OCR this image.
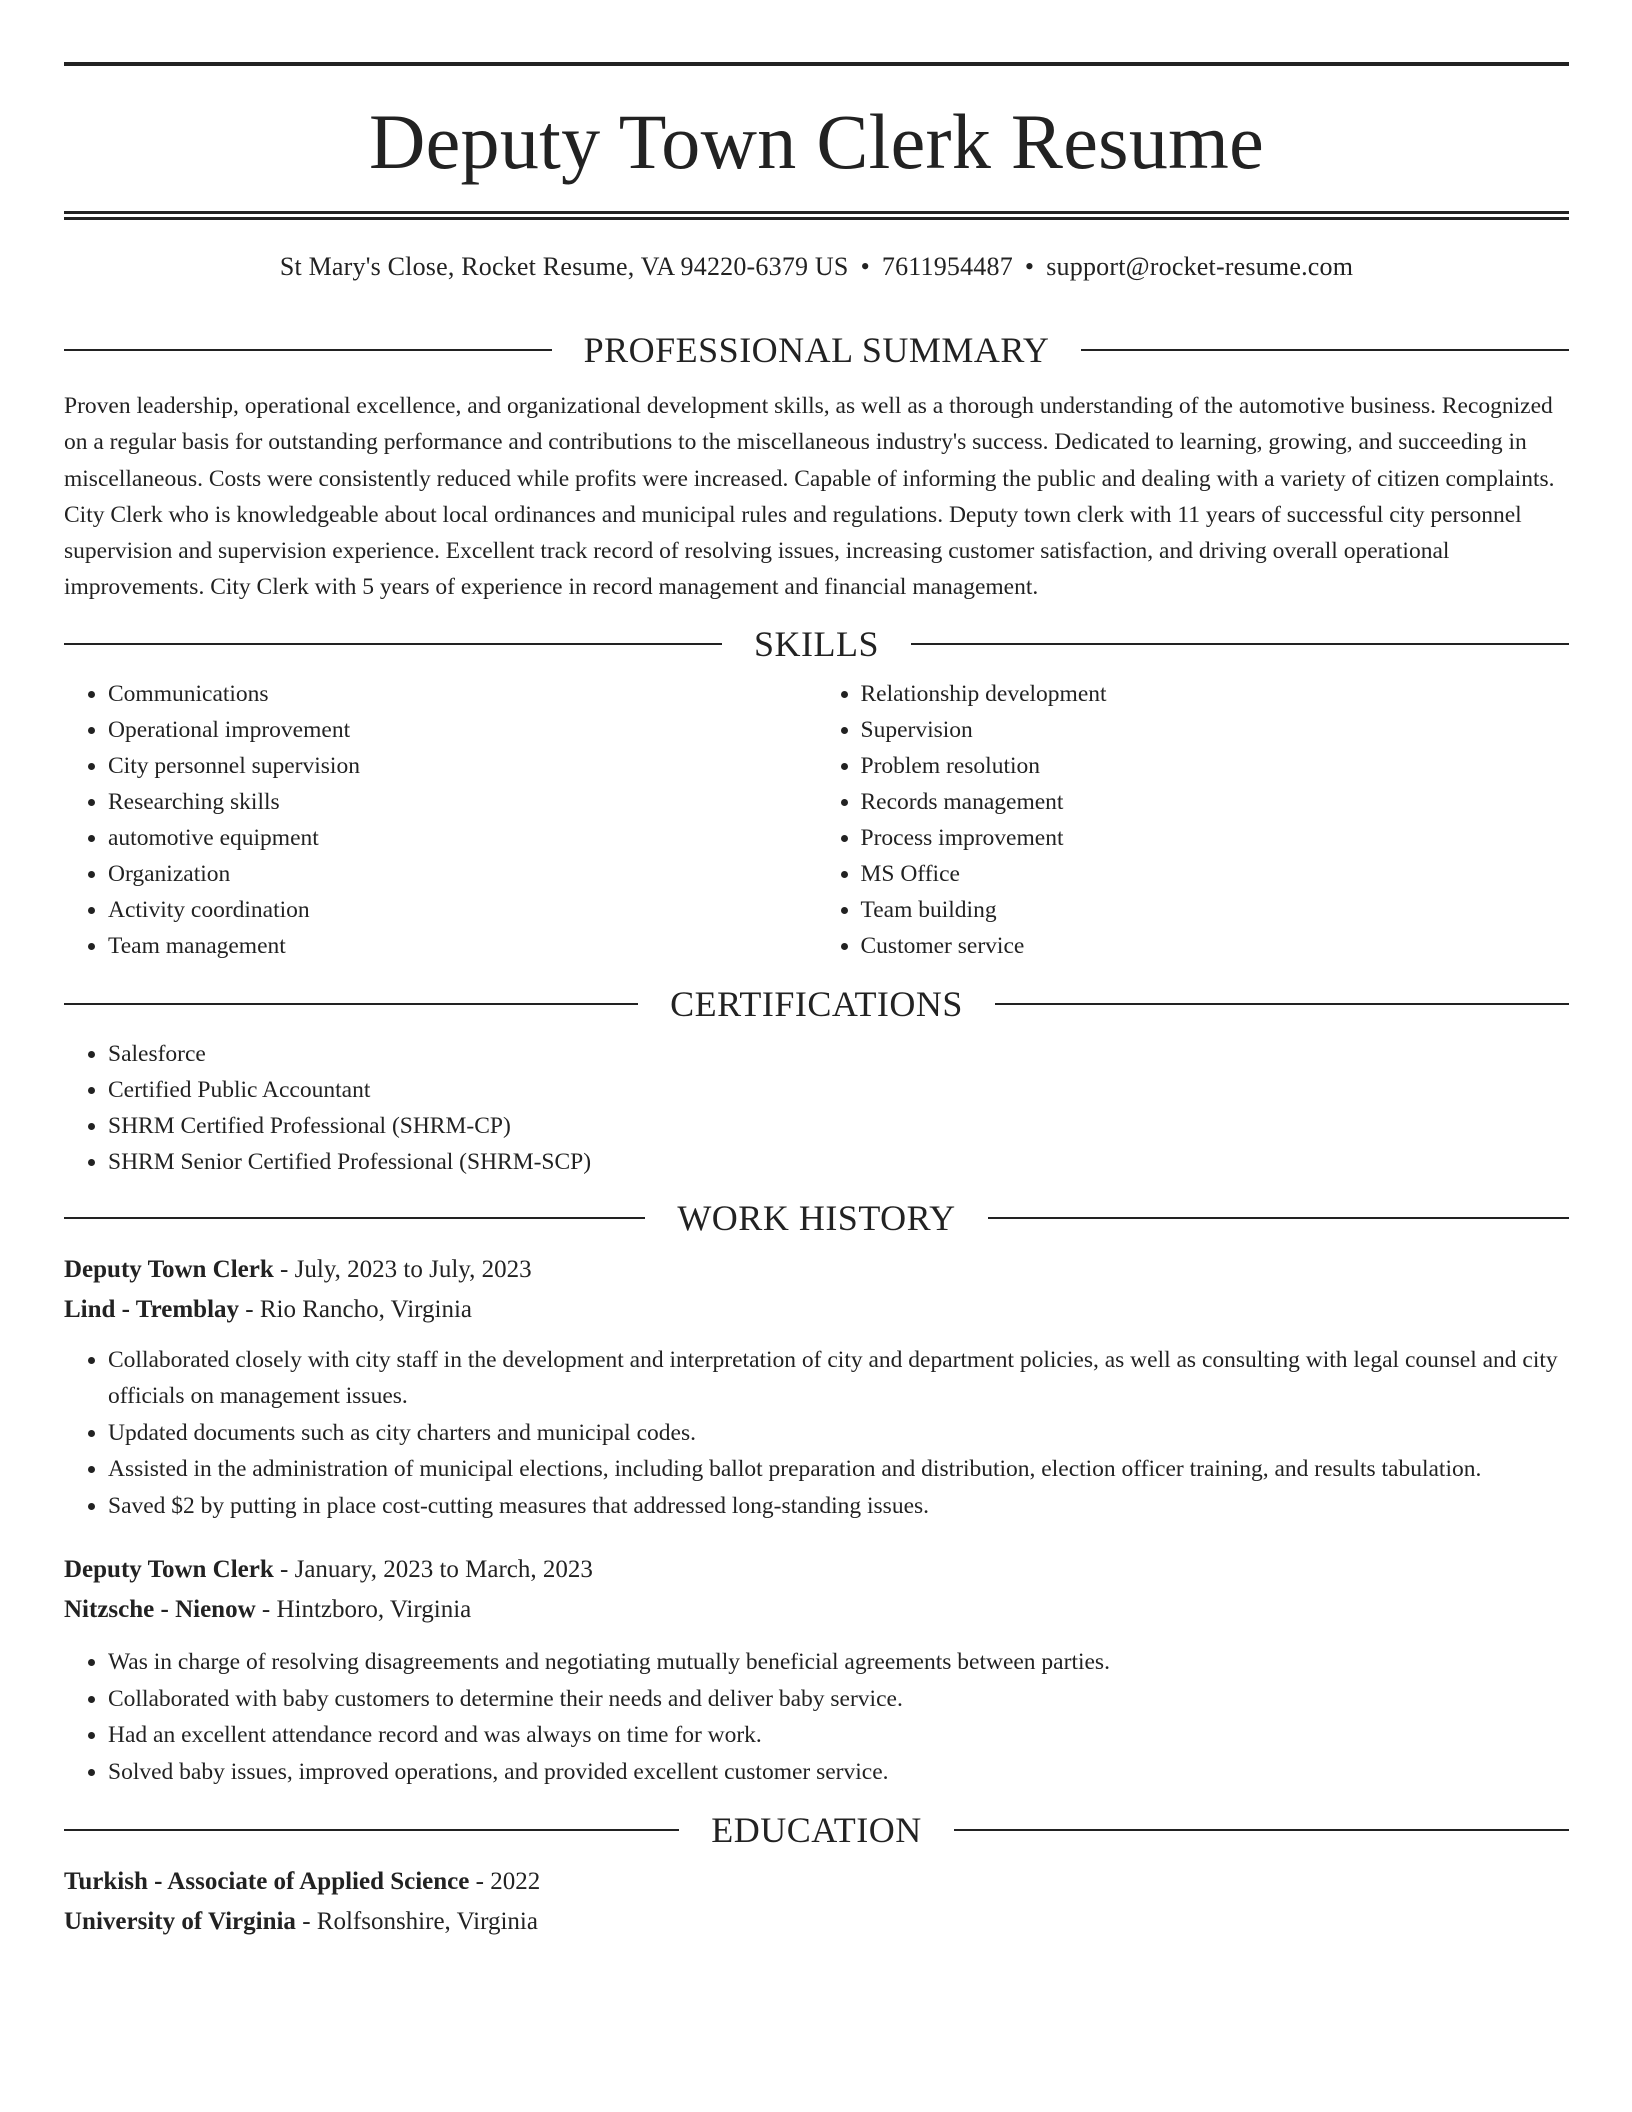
Deputy Town Clerk Resume
St Mary's Close, Rocket Resume, VA 94220-6379 US • 7611954487 • support@rocket-resume.com
PROFESSIONAL SUMMARY

Proven leadership, operational excellence, and organizational development skills, as well as a thorough understanding of the automotive business. Recognized on a regular basis for outstanding performance and contributions to the miscellaneous industry's success. Dedicated to learning, growing, and succeeding in miscellaneous. Costs were consistently reduced while profits were increased. Capable of informing the public and dealing with a variety of citizen complaints. City Clerk who is knowledgeable about local ordinances and municipal rules and regulations. Deputy town clerk with 11 years of successful city personnel supervision and supervision experience. Excellent track record of resolving issues, increasing customer satisfaction, and driving overall operational improvements. City Clerk with 5 years of experience in record management and financial management.

SKILLS
• Communications
• Operational improvement
• City personnel supervision
• Researching skills
• automotive equipment
• Organization
• Activity coordination
• Team management
• Relationship development
• Supervision
• Problem resolution
• Records management
• Process improvement
• MS Office
• Team building
• Customer service
CERTIFICATIONS
• Salesforce
• Certified Public Accountant
• SHRM Certified Professional (SHRM-CP)
• SHRM Senior Certified Professional (SHRM-SCP)
WORK HISTORY
Deputy Town Clerk - July, 2023 to July, 2023
Lind - Tremblay - Rio Rancho, Virginia
• Collaborated closely with city staff in the development and interpretation of city and department policies, as well as consulting with legal counsel and city officials on management issues.
• Updated documents such as city charters and municipal codes.
• Assisted in the administration of municipal elections, including ballot preparation and distribution, election officer training, and results tabulation.
• Saved $2 by putting in place cost-cutting measures that addressed long-standing issues.
Deputy Town Clerk - January, 2023 to March, 2023
Nitzsche - Nienow - Hintzboro, Virginia
• Was in charge of resolving disagreements and negotiating mutually beneficial agreements between parties.
• Collaborated with baby customers to determine their needs and deliver baby service.
• Had an excellent attendance record and was always on time for work.
• Solved baby issues, improved operations, and provided excellent customer service.
EDUCATION
Turkish - Associate of Applied Science - 2022
University of Virginia - Rolfsonshire, Virginia
